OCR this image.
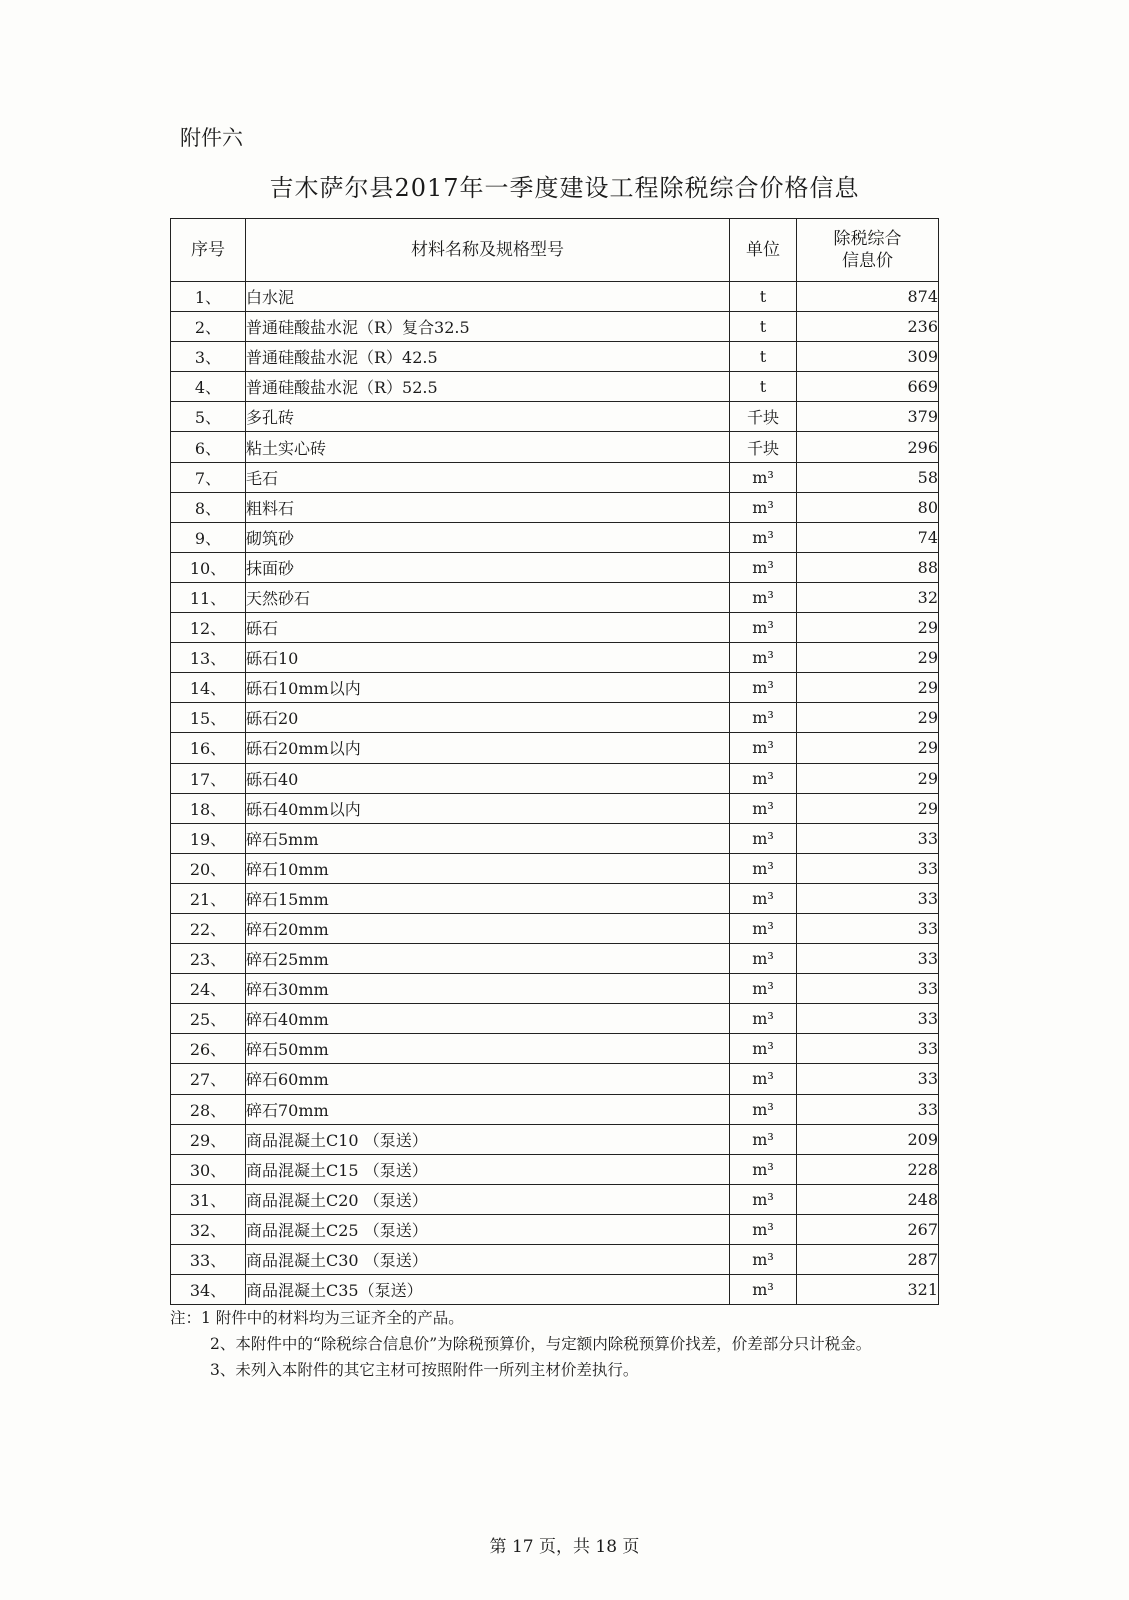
附件六
吉木萨尔县2017年一季度建设工程除税综合价格信息
序号	材料名称及规格型号	单位	除税综合
信息价
1、	白水泥	t	874
2、	普通硅酸盐水泥（R）复合32.5	t	236
3、	普通硅酸盐水泥（R）42.5	t	309
4、	普通硅酸盐水泥（R）52.5	t	669
5、	多孔砖	千块	379
6、	粘土实心砖	千块	296
7、	毛石	m³	58
8、	粗料石	m³	80
9、	砌筑砂	m³	74
10、	抹面砂	m³	88
11、	天然砂石	m³	32
12、	砾石	m³	29
13、	砾石10	m³	29
14、	砾石10mm以内	m³	29
15、	砾石20	m³	29
16、	砾石20mm以内	m³	29
17、	砾石40	m³	29
18、	砾石40mm以内	m³	29
19、	碎石5mm	m³	33
20、	碎石10mm	m³	33
21、	碎石15mm	m³	33
22、	碎石20mm	m³	33
23、	碎石25mm	m³	33
24、	碎石30mm	m³	33
25、	碎石40mm	m³	33
26、	碎石50mm	m³	33
27、	碎石60mm	m³	33
28、	碎石70mm	m³	33
29、	商品混凝土C10 （泵送）	m³	209
30、	商品混凝土C15 （泵送）	m³	228
31、	商品混凝土C20 （泵送）	m³	248
32、	商品混凝土C25 （泵送）	m³	267
33、	商品混凝土C30 （泵送）	m³	287
34、	商品混凝土C35（泵送）	m³	321

注：1 附件中的材料均为三证齐全的产品。

2、本附件中的“除税综合信息价”为除税预算价，与定额内除税预算价找差，价差部分只计税金。

3、未列入本附件的其它主材可按照附件一所列主材价差执行。

第 17 页，共 18 页
